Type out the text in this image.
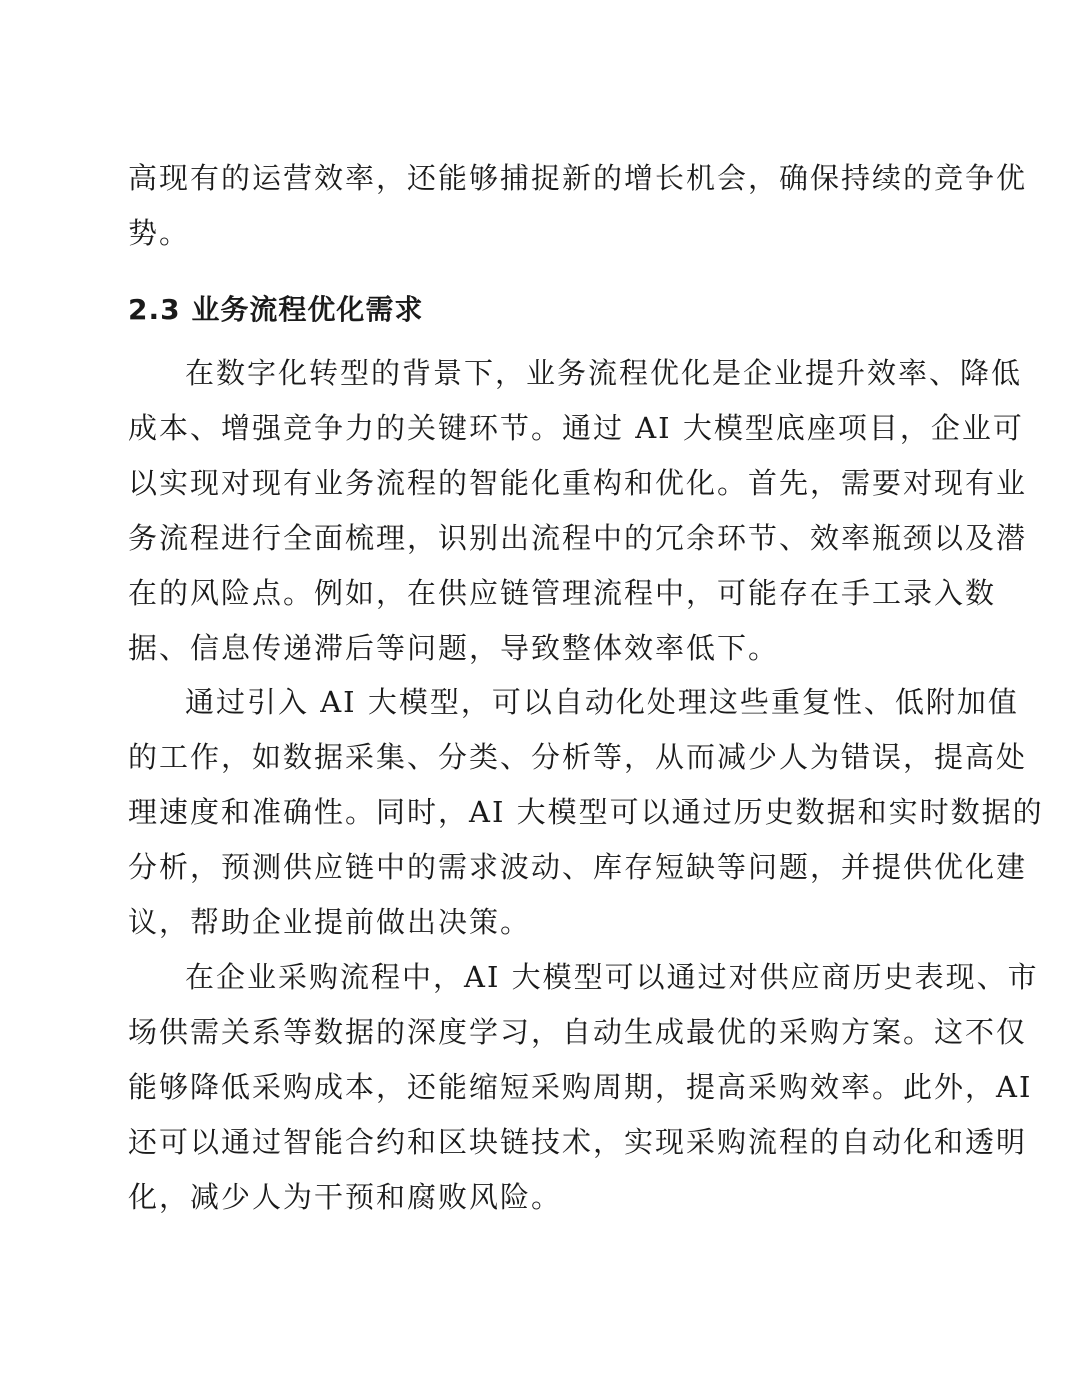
高现有的运营效率，还能够捕捉新的增长机会，确保持续的竞争优
势。
2.3 业务流程优化需求
在数字化转型的背景下，业务流程优化是企业提升效率、降低
成本、增强竞争力的关键环节。通过 AI 大模型底座项目，企业可
以实现对现有业务流程的智能化重构和优化。首先，需要对现有业
务流程进行全面梳理，识别出流程中的冗余环节、效率瓶颈以及潜
在的风险点。例如，在供应链管理流程中，可能存在手工录入数
据、信息传递滞后等问题，导致整体效率低下。
通过引入 AI 大模型，可以自动化处理这些重复性、低附加值
的工作，如数据采集、分类、分析等，从而减少人为错误，提高处
理速度和准确性。同时，AI 大模型可以通过历史数据和实时数据的
分析，预测供应链中的需求波动、库存短缺等问题，并提供优化建
议，帮助企业提前做出决策。
在企业采购流程中，AI 大模型可以通过对供应商历史表现、市
场供需关系等数据的深度学习，自动生成最优的采购方案。这不仅
能够降低采购成本，还能缩短采购周期，提高采购效率。此外，AI
还可以通过智能合约和区块链技术，实现采购流程的自动化和透明
化，减少人为干预和腐败风险。
